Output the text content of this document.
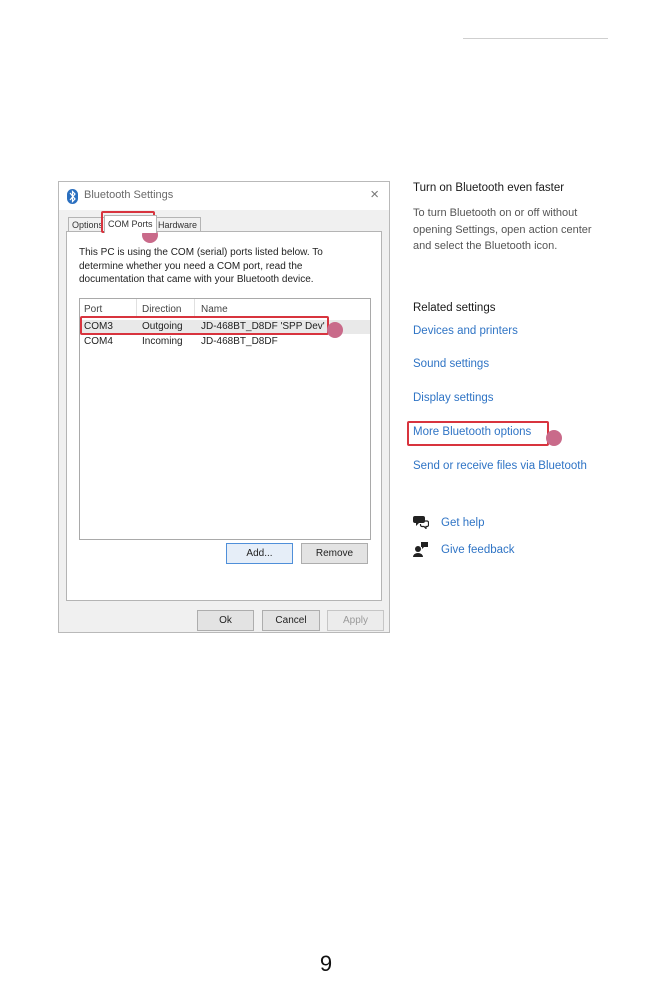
Bluetooth Settings	×
Options COM Ports Hardware
This PC is using the COM (serial) ports listed below. To determine whether you need a COM port, read the documentation that came with your Bluetooth device.
Port	Direction Name
COM3	Outgoing JD-468BT_D8DF 'SPP Dev'
COM4	Incoming JD-468BT_D8DF
Add...	Remove
Ok	Cancel	Apply
Turn on Bluetooth even faster
To turn Bluetooth on or off without
opening Settings, open action center
and select the Bluetooth icon.
Related settings
Devices and printers
Sound settings
Display settings
More Bluetooth options
Send or receive files via Bluetooth
Get help
Give feedback
9
